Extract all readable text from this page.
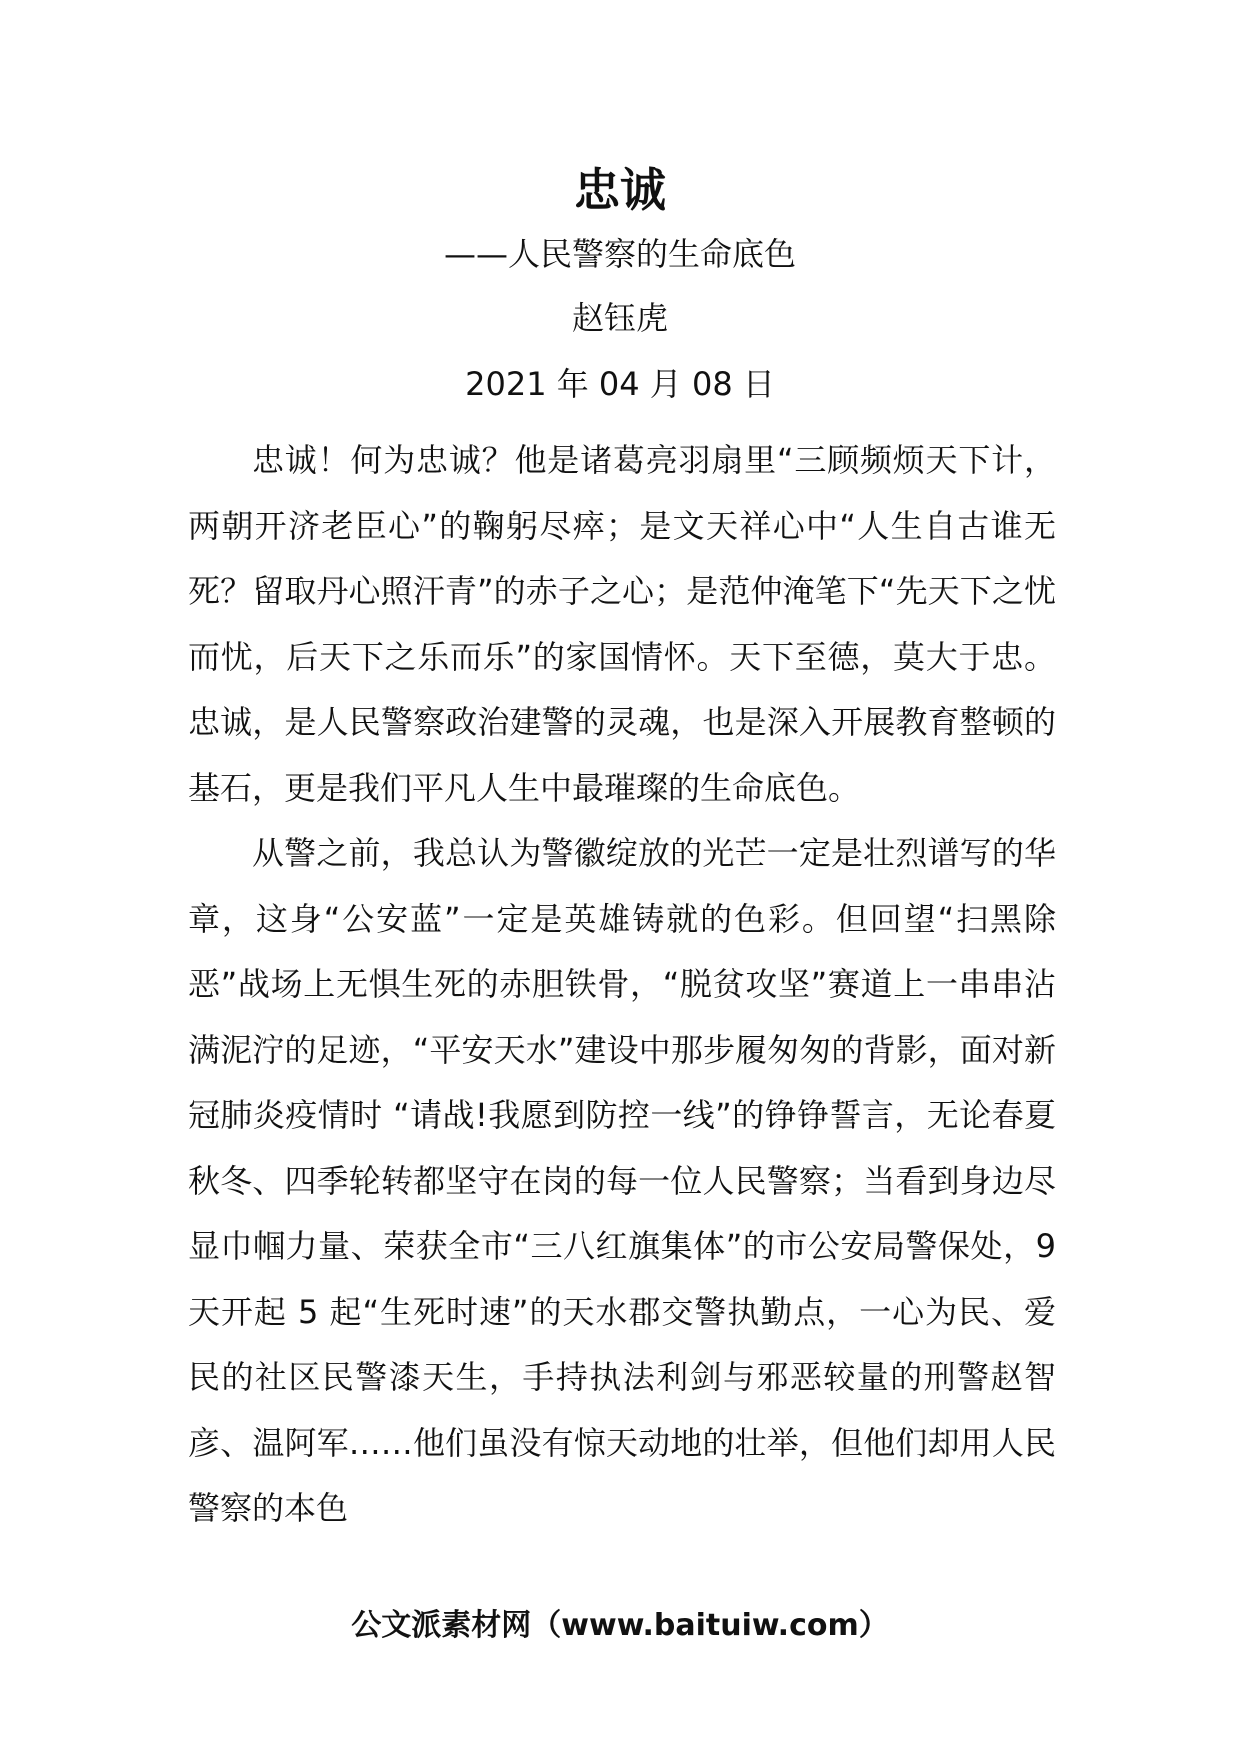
忠诚
——人民警察的生命底色
赵钰虎
2021 年 04 月 08 日

忠诚！何为忠诚？他是诸葛亮羽扇里“三顾频烦天下计，两朝开济老臣心”的鞠躬尽瘁；是文天祥心中“人生自古谁无死？留取丹心照汗青”的赤子之心；是范仲淹笔下“先天下之忧而忧，后天下之乐而乐”的家国情怀。天下至德，莫大于忠。忠诚，是人民警察政治建警的灵魂，也是深入开展教育整顿的基石，更是我们平凡人生中最璀璨的生命底色。

从警之前，我总认为警徽绽放的光芒一定是壮烈谱写的华章，这身“公安蓝”一定是英雄铸就的色彩。但回望“扫黑除恶”战场上无惧生死的赤胆铁骨，“脱贫攻坚”赛道上一串串沾满泥泞的足迹，“平安天水”建设中那步履匆匆的背影，面对新冠肺炎疫情时 “请战!我愿到防控一线”的铮铮誓言，无论春夏秋冬、四季轮转都坚守在岗的每一位人民警察；当看到身边尽显巾帼力量、荣获全市“三八红旗集体”的市公安局警保处，9 天开起 5 起“生死时速”的天水郡交警执勤点，一心为民、爱民的社区民警漆天生，手持执法利剑与邪恶较量的刑警赵智彦、温阿军……他们虽没有惊天动地的壮举，但他们却用人民警察的本色

公文派素材网（www.baituiw.com）
